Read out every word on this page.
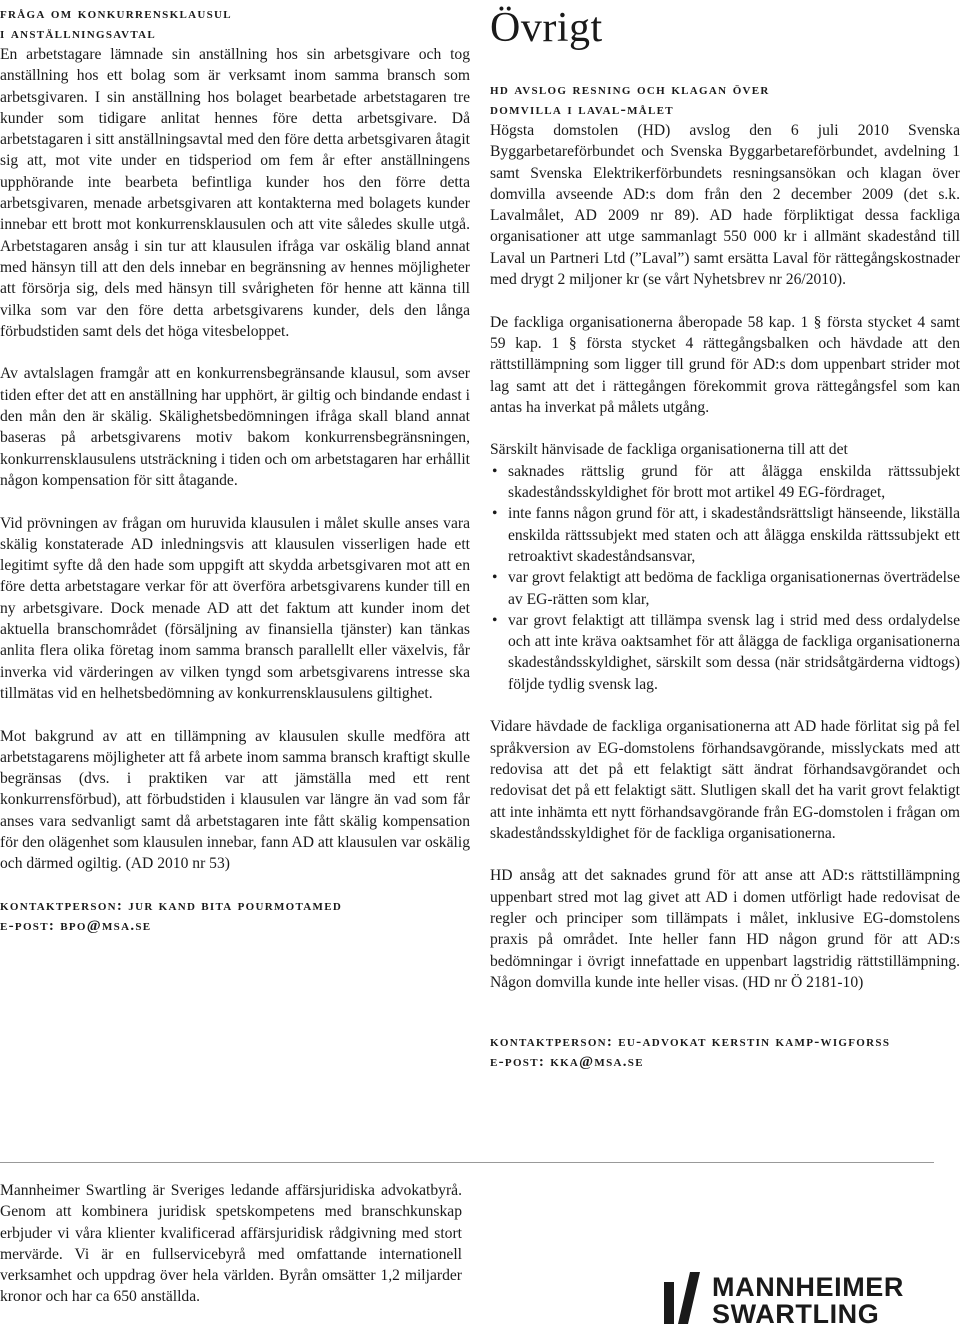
fråga om konkurrensklausul
i anställningsavtal

En arbetstagare lämnade sin anställning hos sin arbetsgivare och tog anställning hos ett bolag som är verksamt inom samma bransch som arbetsgivaren. I sin anställning hos bolaget bearbetade arbetstagaren tre kunder som tidigare anlitat hennes före detta arbetsgivare. Då arbetstagaren i sitt anställningsavtal med den före detta arbetsgivaren åtagit sig att, mot vite under en tidsperiod om fem år efter anställningens upphörande inte bearbeta befintliga kunder hos den förre detta arbetsgivaren, menade arbetsgivaren att kontakterna med bolagets kunder innebar ett brott mot konkurrensklausulen och att vite således skulle utgå. Arbetstagaren ansåg i sin tur att klausulen ifråga var oskälig bland annat med hänsyn till att den dels innebar en begränsning av hennes möjligheter att försörja sig, dels med hänsyn till svårigheten för henne att känna till vilka som var den före detta arbetsgivarens kunder, dels den långa förbudstiden samt dels det höga vitesbeloppet.

Av avtalslagen framgår att en konkurrensbegränsande klausul, som avser tiden efter det att en anställning har upphört, är giltig och bindande endast i den mån den är skälig. Skälighetsbedömningen ifråga skall bland annat baseras på arbetsgivarens motiv bakom konkurrensbegränsningen, konkurrensklausulens utsträckning i tiden och om arbetstagaren har erhållit någon kompensation för sitt åtagande.

Vid prövningen av frågan om huruvida klausulen i målet skulle anses vara skälig konstaterade AD inledningsvis att klausulen visserligen hade ett legitimt syfte då den hade som uppgift att skydda arbetsgivaren mot att en före detta arbetstagare verkar för att överföra arbetsgivarens kunder till en ny arbetsgivare. Dock menade AD att det faktum att kunder inom det aktuella branschområdet (försäljning av finansiella tjänster) kan tänkas anlita flera olika företag inom samma bransch parallellt eller växelvis, får inverka vid värderingen av vilken tyngd som arbetsgivarens intresse ska tillmätas vid en helhetsbedömning av konkurrensklausulens giltighet.

Mot bakgrund av att en tillämpning av klausulen skulle medföra att arbetstagarens möjligheter att få arbete inom samma bransch kraftigt skulle begränsas (dvs. i praktiken var att jämställa med ett rent konkurrensförbud), att förbudstiden i klausulen var längre än vad som får anses vara sedvanligt samt då arbetstagaren inte fått skälig kompensation för den olägenhet som klausulen innebar, fann AD att klausulen var oskälig och därmed ogiltig. (AD 2010 nr 53)

kontaktperson: jur kand bita pourmotamed
e-post: bpo@msa.se
Övrigt
hd avslog resning och klagan över
domvilla i laval-målet

Högsta domstolen (HD) avslog den 6 juli 2010 Svenska Byggarbetareförbundet och Svenska Byggarbetareförbundet, avdelning 1 samt Svenska Elektrikerförbundets resningsansökan och klagan över domvilla avseende AD:s dom från den 2 december 2009 (det s.k. Lavalmålet, AD 2009 nr 89). AD hade förpliktigat dessa fackliga organisationer att utge sammanlagt 550 000 kr i allmänt skadestånd till Laval un Partneri Ltd (”Laval”) samt ersätta Laval för rättegångskostnader med drygt 2 miljoner kr (se vårt Nyhetsbrev nr 26/2010).

De fackliga organisationerna åberopade 58 kap. 1 § första stycket 4 samt 59 kap. 1 § första stycket 4 rättegångsbalken och hävdade att den rättstillämpning som ligger till grund för AD:s dom uppenbart strider mot lag samt att det i rättegången förekommit grova rättegångsfel som kan antas ha inverkat på målets utgång.

Särskilt hänvisade de fackliga organisationerna till att det

• saknades rättslig grund för att ålägga enskilda rättssubjekt skadeståndsskyldighet för brott mot artikel 49 EG-fördraget,
• inte fanns någon grund för att, i skadeståndsrättsligt hänseende, likställa enskilda rättssubjekt med staten och att ålägga enskilda rättssubjekt ett retroaktivt skadeståndsansvar,
• var grovt felaktigt att bedöma de fackliga organisationernas överträdelse av EG-rätten som klar,
• var grovt felaktigt att tillämpa svensk lag i strid med dess ordalydelse och att inte kräva oaktsamhet för att ålägga de fackliga organisationerna skadeståndsskyldighet, särskilt som dessa (när stridsåtgärderna vidtogs) följde tydlig svensk lag.

Vidare hävdade de fackliga organisationerna att AD hade förlitat sig på fel språkversion av EG-domstolens förhandsavgörande, misslyckats med att redovisa att det på ett felaktigt sätt ändrat förhandsavgörandet och redovisat det på ett felaktigt sätt. Slutligen skall det ha varit grovt felaktigt att inte inhämta ett nytt förhandsavgörande från EG-domstolen i frågan om skadeståndsskyldighet för de fackliga organisationerna.

HD ansåg att det saknades grund för att anse att AD:s rättstillämpning uppenbart stred mot lag givet att AD i domen utförligt hade redovisat de regler och principer som tillämpats i målet, inklusive EG-domstolens praxis på området. Inte heller fann HD någon grund för att AD:s bedömningar i övrigt innefattade en uppenbart lagstridig rättstillämpning. Någon domvilla kunde inte heller visas. (HD nr Ö 2181-10)

kontaktperson: eu-advokat kerstin kamp-wigforss
e-post: kka@msa.se

Mannheimer Swartling är Sveriges ledande affärsjuridiska advokatbyrå. Genom att kombinera juridisk spetskompetens med branschkunskap erbjuder vi våra klienter kvalificerad affärsjuridisk rådgivning med stort mervärde. Vi är en fullservicebyrå med omfattande internationell verksamhet och uppdrag över hela världen. Byrån omsätter 1,2 miljarder kronor och har ca 650 anställda.	MANNHEIMER
SWARTLING
